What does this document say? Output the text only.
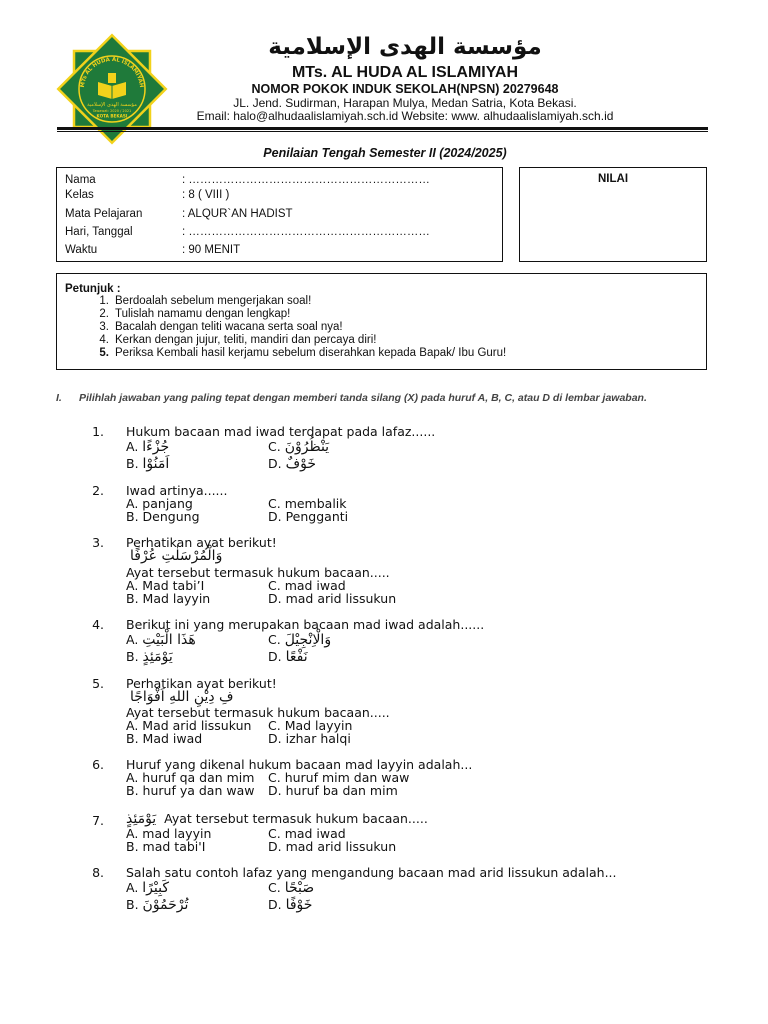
MTs AL HUDA AL ISLAMIYAH
مؤسسة الهدى الإسلامية
Tawawat: 2020 / 2021
KOTA BEKASI
مؤسسة الهدى الإسلامية
MTs. AL HUDA AL ISLAMIYAH
NOMOR POKOK INDUK SEKOLAH(NPSN) 20279648
JL. Jend. Sudirman, Harapan Mulya, Medan Satria, Kota Bekasi.
Email: halo@alhudaalislamiyah.sch.id Website: www. alhudaalislamiyah.sch.id
Penilaian Tengah Semester II (2024/2025)
Nama	: ………………………………………………………
Kelas	: 8 ( VIII )
Mata Pelajaran	: ALQUR`AN HADIST
Hari, Tanggal	: ………………………………………………………
Waktu	: 90 MENIT
NILAI
Petunjuk :
1. Berdoalah sebelum mengerjakan soal!
2. Tulislah namamu dengan lengkap!
3. Bacalah dengan teliti wacana serta soal nya!
4. Kerkan dengan jujur, teliti, mandiri dan percaya diri!
5. Periksa Kembali hasil kerjamu sebelum diserahkan kepada Bapak/ Ibu Guru!
I. Pilihlah jawaban yang paling tepat dengan memberi tanda silang (X) pada huruf A, B, C, atau D di lembar jawaban.
1. Hukum bacaan mad iwad terdapat pada lafaz......
A. جُزْءًا	C. يَنْظُرُوْنَ
B. اَمَنُوْا	D. خَوْفٌ
2. Iwad artinya......
A. panjang	C. membalik
B. Dengung	D. Pengganti
3. Perhatikan ayat berikut!
وَالْمُرْسَلٰتِ عُرْفًا
Ayat tersebut termasuk hukum bacaan.....
A. Mad tabi’I	C. mad iwad
B. Mad layyin	D. mad arid lissukun
4. Berikut ini yang merupakan bacaan mad iwad adalah......
A. هَذَا الْبَيْتِ	C. وَالْاِنْجِيْلَ
B. يَوْمَئِذٍ	D. نَفْعًا
5. Perhatikan ayat berikut!
فِ دِيْنِ اللهِ اَفْوَاجًا
Ayat tersebut termasuk hukum bacaan.....
A. Mad arid lissukun C. Mad layyin
B. Mad iwad	D. izhar halqi
6. Huruf yang dikenal hukum bacaan mad layyin adalah...
A. huruf qa dan mim C. huruf mim dan waw
B. huruf ya dan waw D. huruf ba dan mim
7. يَوْمَئِذٍ Ayat tersebut termasuk hukum bacaan.....
A. mad layyin	C. mad iwad
B. mad tabi'I	D. mad arid lissukun
8. Salah satu contoh lafaz yang mengandung bacaan mad arid lissukun adalah...
A. كَبِيْرًا	C. صَبْحًا
B. تُرْحَمُوْنَ	D. خَوْفًا
